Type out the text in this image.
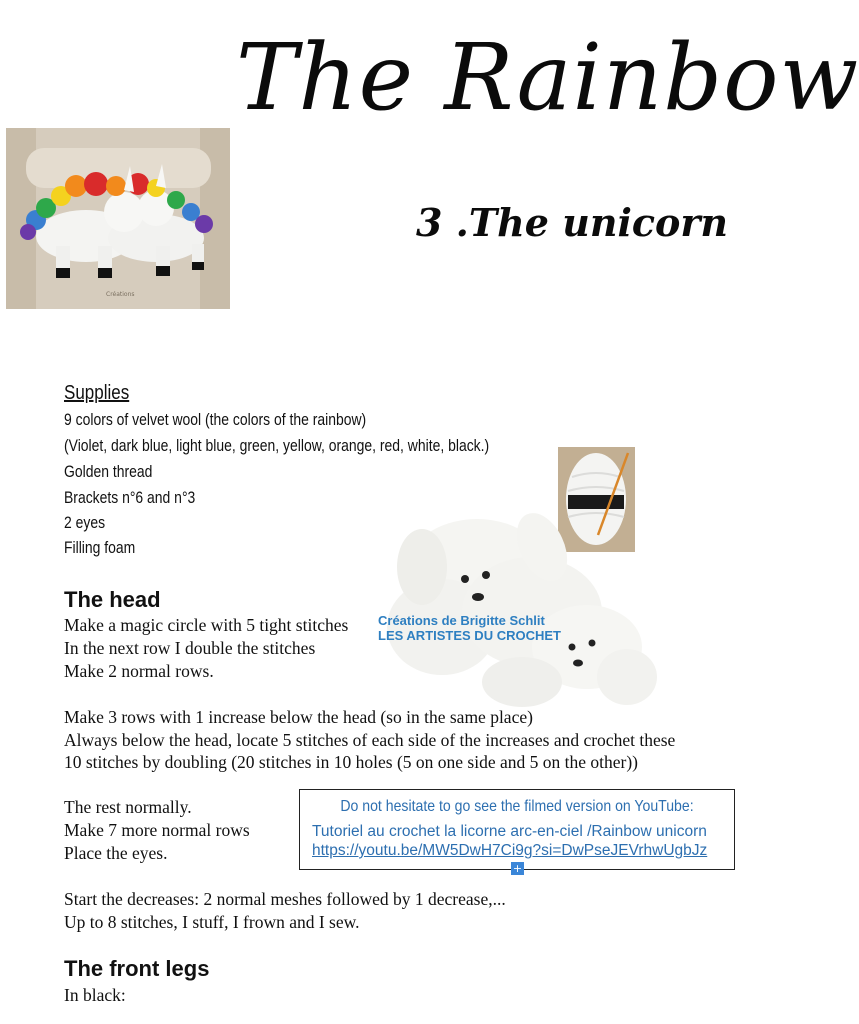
The Rainbow
3 .The unicorn
Créations
Créations de Brigitte Schlit
LES ARTISTES DU CROCHET
Supplies
9 colors of velvet wool (the colors of the rainbow)
(Violet, dark blue, light blue, green, yellow, orange, red, white, black.)
Golden thread
Brackets n°6 and n°3
2 eyes
Filling foam
The head
Make a magic circle with 5 tight stitches
In the next row I double the stitches
Make 2 normal rows.
Make 3 rows with 1 increase below the head (so in the same place)
Always below the head, locate 5 stitches of each side of the increases and crochet these 10 stitches by doubling (20 stitches in 10 holes (5 on one side and 5 on the other))
The rest normally.
Make 7 more normal rows
Place the eyes.
Start the decreases: 2 normal meshes followed by 1 decrease,...
Up to 8 stitches, I stuff, I frown and I sew.
Do not hesitate to go see the filmed version on YouTube:
Tutoriel au crochet la licorne arc-en-ciel /Rainbow unicorn
https://youtu.be/MW5DwH7Ci9g?si=DwPseJEVrhwUgbJz
+
The front legs
In black:
